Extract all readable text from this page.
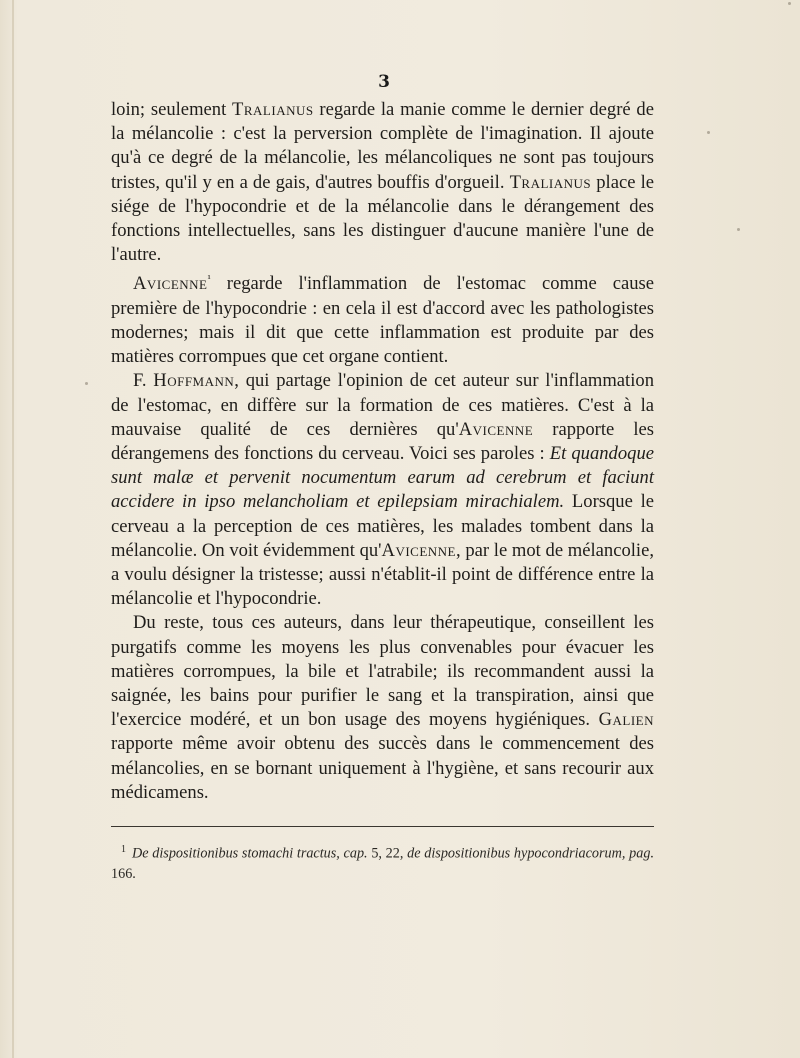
3

loin; seulement Tralianus regarde la manie comme le dernier degré de la mélancolie : c'est la perversion complète de l'imagination. Il ajoute qu'à ce degré de la mélancolie, les mélancoliques ne sont pas toujours tristes, qu'il y en a de gais, d'autres bouffis d'orgueil. Tralianus place le siége de l'hypocondrie et de la mélancolie dans le dérangement des fonctions intellectuelles, sans les distinguer d'aucune manière l'une de l'autre.

Avicenne$^{^1}$ regarde l'inflammation de l'estomac comme cause première de l'hypocondrie : en cela il est d'accord avec les pathologistes modernes; mais il dit que cette inflammation est produite par des matières corrompues que cet organe contient.

F. Hoffmann, qui partage l'opinion de cet auteur sur l'inflammation de l'estomac, en diffère sur la formation de ces matières. C'est à la mauvaise qualité de ces dernières qu'Avicenne rapporte les dérangemens des fonctions du cerveau. Voici ses paroles : Et quandoque sunt malæ et pervenit nocumentum earum ad cerebrum et faciunt accidere in ipso melancholiam et epilepsiam mirachialem. Lorsque le cerveau a la perception de ces matières, les malades tombent dans la mélancolie. On voit évidemment qu'Avicenne, par le mot de mélancolie, a voulu désigner la tristesse; aussi n'établit-il point de différence entre la mélancolie et l'hypocondrie.

Du reste, tous ces auteurs, dans leur thérapeutique, conseillent les purgatifs comme les moyens les plus convenables pour évacuer les matières corrompues, la bile et l'atrabile; ils recommandent aussi la saignée, les bains pour purifier le sang et la transpiration, ainsi que l'exercice modéré, et un bon usage des moyens hygiéniques. Galien rapporte même avoir obtenu des succès dans le commencement des mélancolies, en se bornant uniquement à l'hygiène, et sans recourir aux médicamens.

$^1$ De dispositionibus stomachi tractus, cap. 5, 22, de dispositionibus hypocondriacorum, pag. 166.
